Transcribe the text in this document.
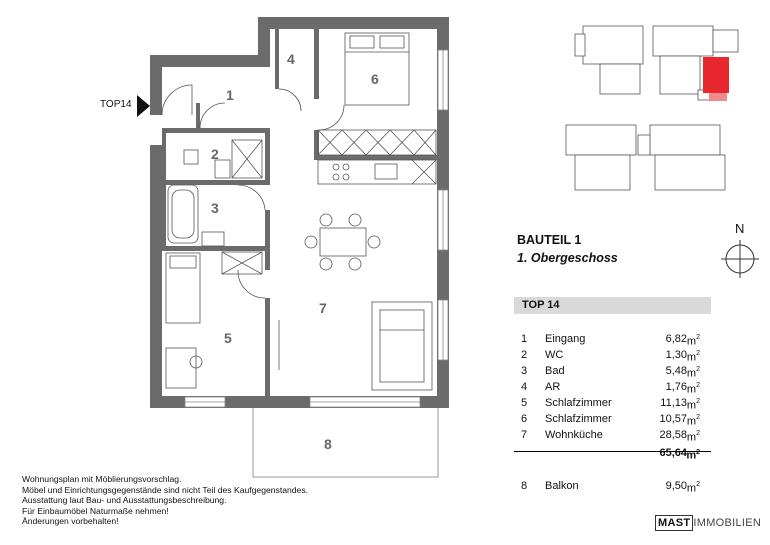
1
2
3
4
5
6
7
8
TOP14
BAUTEIL 1
1. Obergeschoss
N
TOP 14
1 Eingang	6,82 $m^2$
2 WC	1,30 $m^2$
3 Bad	5,48 $m^2$
4 AR	1,76 $m^2$
5 Schlafzimmer	11,13 $m^2$
6 Schlafzimmer	10,57 $m^2$
7 Wohnküche	28,58 $m^2$
65,64 $m^2$
8 Balkon	9,50 $m^2$
Wohnungsplan mit Möblierungsvorschlag.
Möbel und Einrichtungsgegenstände sind nicht Teil des Kaufgegenstandes.
Ausstattung laut Bau- und Ausstattungsbeschreibung.
Für Einbaumöbel Naturmaße nehmen!
Änderungen vorbehalten!	MAST IMMOBILIEN
